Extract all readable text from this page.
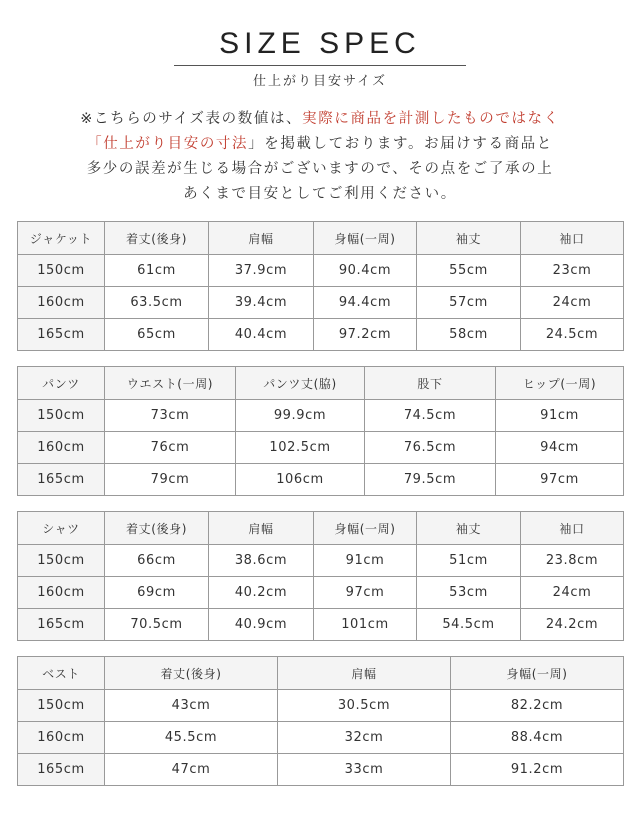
SIZE SPEC
仕上がり目安サイズ
※こちらのサイズ表の数値は、実際に商品を計測したものではなく
「仕上がり目安の寸法」を掲載しております。お届けする商品と
多少の誤差が生じる場合がございますので、その点をご了承の上
あくまで目安としてご利用ください。
ジャケット	着丈(後身)	肩幅	身幅(一周)	袖丈	袖口
150cm	61cm	37.9cm	90.4cm	55cm	23cm
160cm	63.5cm	39.4cm	94.4cm	57cm	24cm
165cm	65cm	40.4cm	97.2cm	58cm	24.5cm
パンツ	ウエスト(一周)	パンツ丈(脇)	股下	ヒップ(一周)
150cm	73cm	99.9cm	74.5cm	91cm
160cm	76cm	102.5cm	76.5cm	94cm
165cm	79cm	106cm	79.5cm	97cm
シャツ	着丈(後身)	肩幅	身幅(一周)	袖丈	袖口
150cm	66cm	38.6cm	91cm	51cm	23.8cm
160cm	69cm	40.2cm	97cm	53cm	24cm
165cm	70.5cm	40.9cm	101cm	54.5cm	24.2cm
ベスト	着丈(後身)	肩幅	身幅(一周)
150cm	43cm	30.5cm	82.2cm
160cm	45.5cm	32cm	88.4cm
165cm	47cm	33cm	91.2cm
